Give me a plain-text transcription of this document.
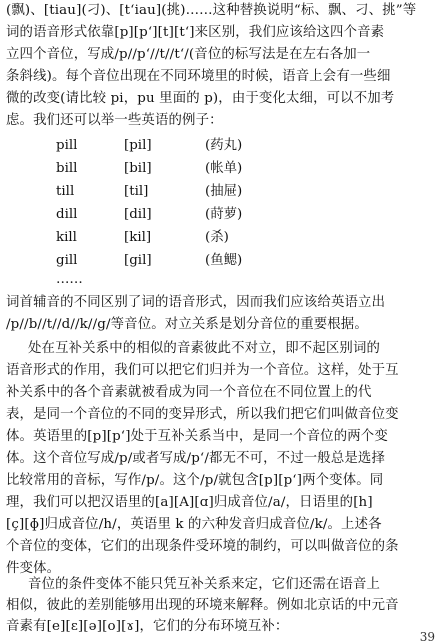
(飘)、[tiau](刁)、[tʻiau](挑)……这种替换说明“标、飘、刁、挑”等
词的语音形式依靠[p][pʻ][t][tʻ]来区别，我们应该给这四个音素
立四个音位，写成/p//pʻ//t//tʻ/(音位的标写法是在左右各加一
条斜线)。每个音位出现在不同环境里的时候，语音上会有一些细
微的改变(请比较 pi，pu 里面的 p)，由于变化太细，可以不加考
虑。我们还可以举一些英语的例子：
pill	[pil]	(药丸)
bill	[bil]	(帐单)
till	[til]	(抽屉)
dill	[dil]	(莳萝)
kill	[kil]	(杀)
gill	[gil]	(鱼鳃)
……
词首辅音的不同区别了词的语音形式，因而我们应该给英语立出
/p//b//t//d//k//g/等音位。对立关系是划分音位的重要根据。
处在互补关系中的相似的音素彼此不对立，即不起区别词的
语音形式的作用，我们可以把它们归并为一个音位。这样，处于互
补关系中的各个音素就被看成为同一个音位在不同位置上的代
表，是同一个音位的不同的变异形式，所以我们把它们叫做音位变
体。英语里的[p][pʻ]处于互补关系当中，是同一个音位的两个变
体。这个音位写成/p/或者写成/pʻ/都无不可，不过一般总是选择
比较常用的音标，写作/p/。这个/p/就包含[p][pʻ]两个变体。同
理，我们可以把汉语里的[a][A][ɑ]归成音位/a/，日语里的[h]
[ç][ɸ]归成音位/h/，英语里 k 的六种发音归成音位/k/。上述各
个音位的变体，它们的出现条件受环境的制约，可以叫做音位的条
件变体。
音位的条件变体不能只凭互补关系来定，它们还需在语音上
相似，彼此的差别能够用出现的环境来解释。例如北京话的中元音
音素有[e][ɛ][ə][o][ɤ]，它们的分布环境互补：
39
